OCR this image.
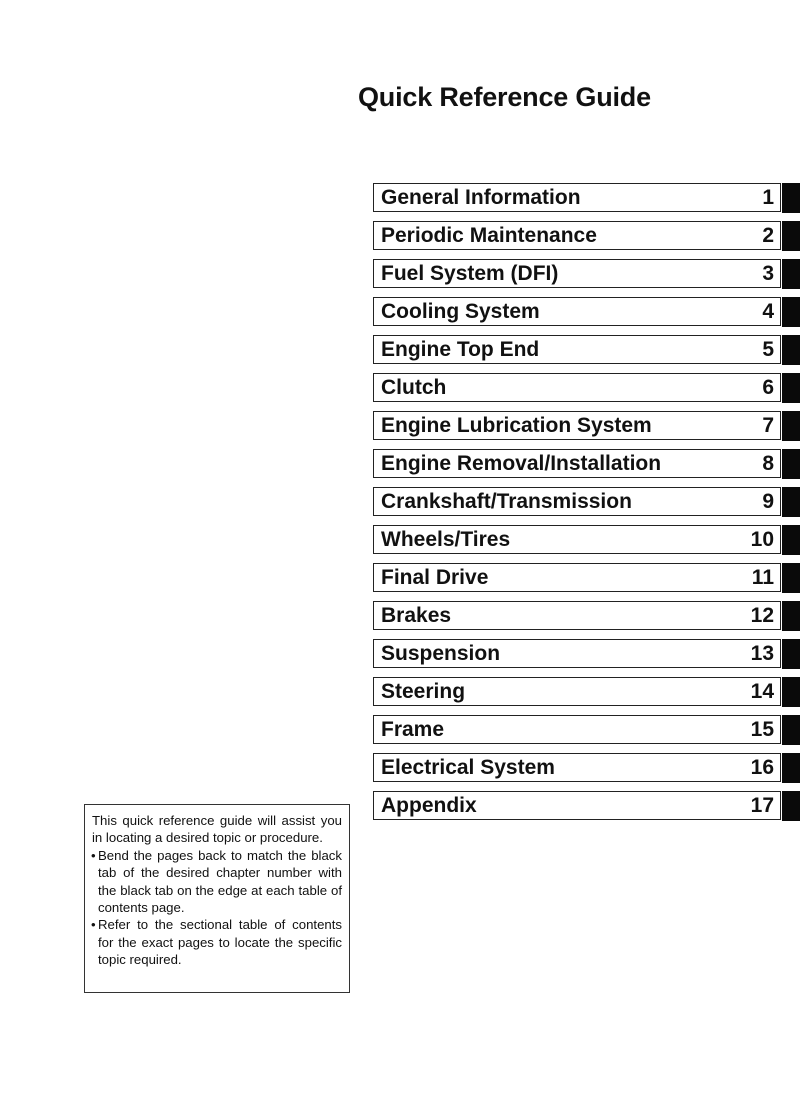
Quick Reference Guide
General Information	1
Periodic Maintenance	2
Fuel System (DFI)	3
Cooling System	4
Engine Top End	5
Clutch	6
Engine Lubrication System	7
Engine Removal/Installation	8
Crankshaft/Transmission	9
Wheels/Tires	10
Final Drive	11
Brakes	12
Suspension	13
Steering	14
Frame	15
Electrical System	16
Appendix	17

This quick reference guide will assist you in locating a desired topic or procedure.

• Bend the pages back to match the black tab of the desired chapter number with the black tab on the edge at each table of contents page.

• Refer to the sectional table of contents for the exact pages to locate the specific topic required.
